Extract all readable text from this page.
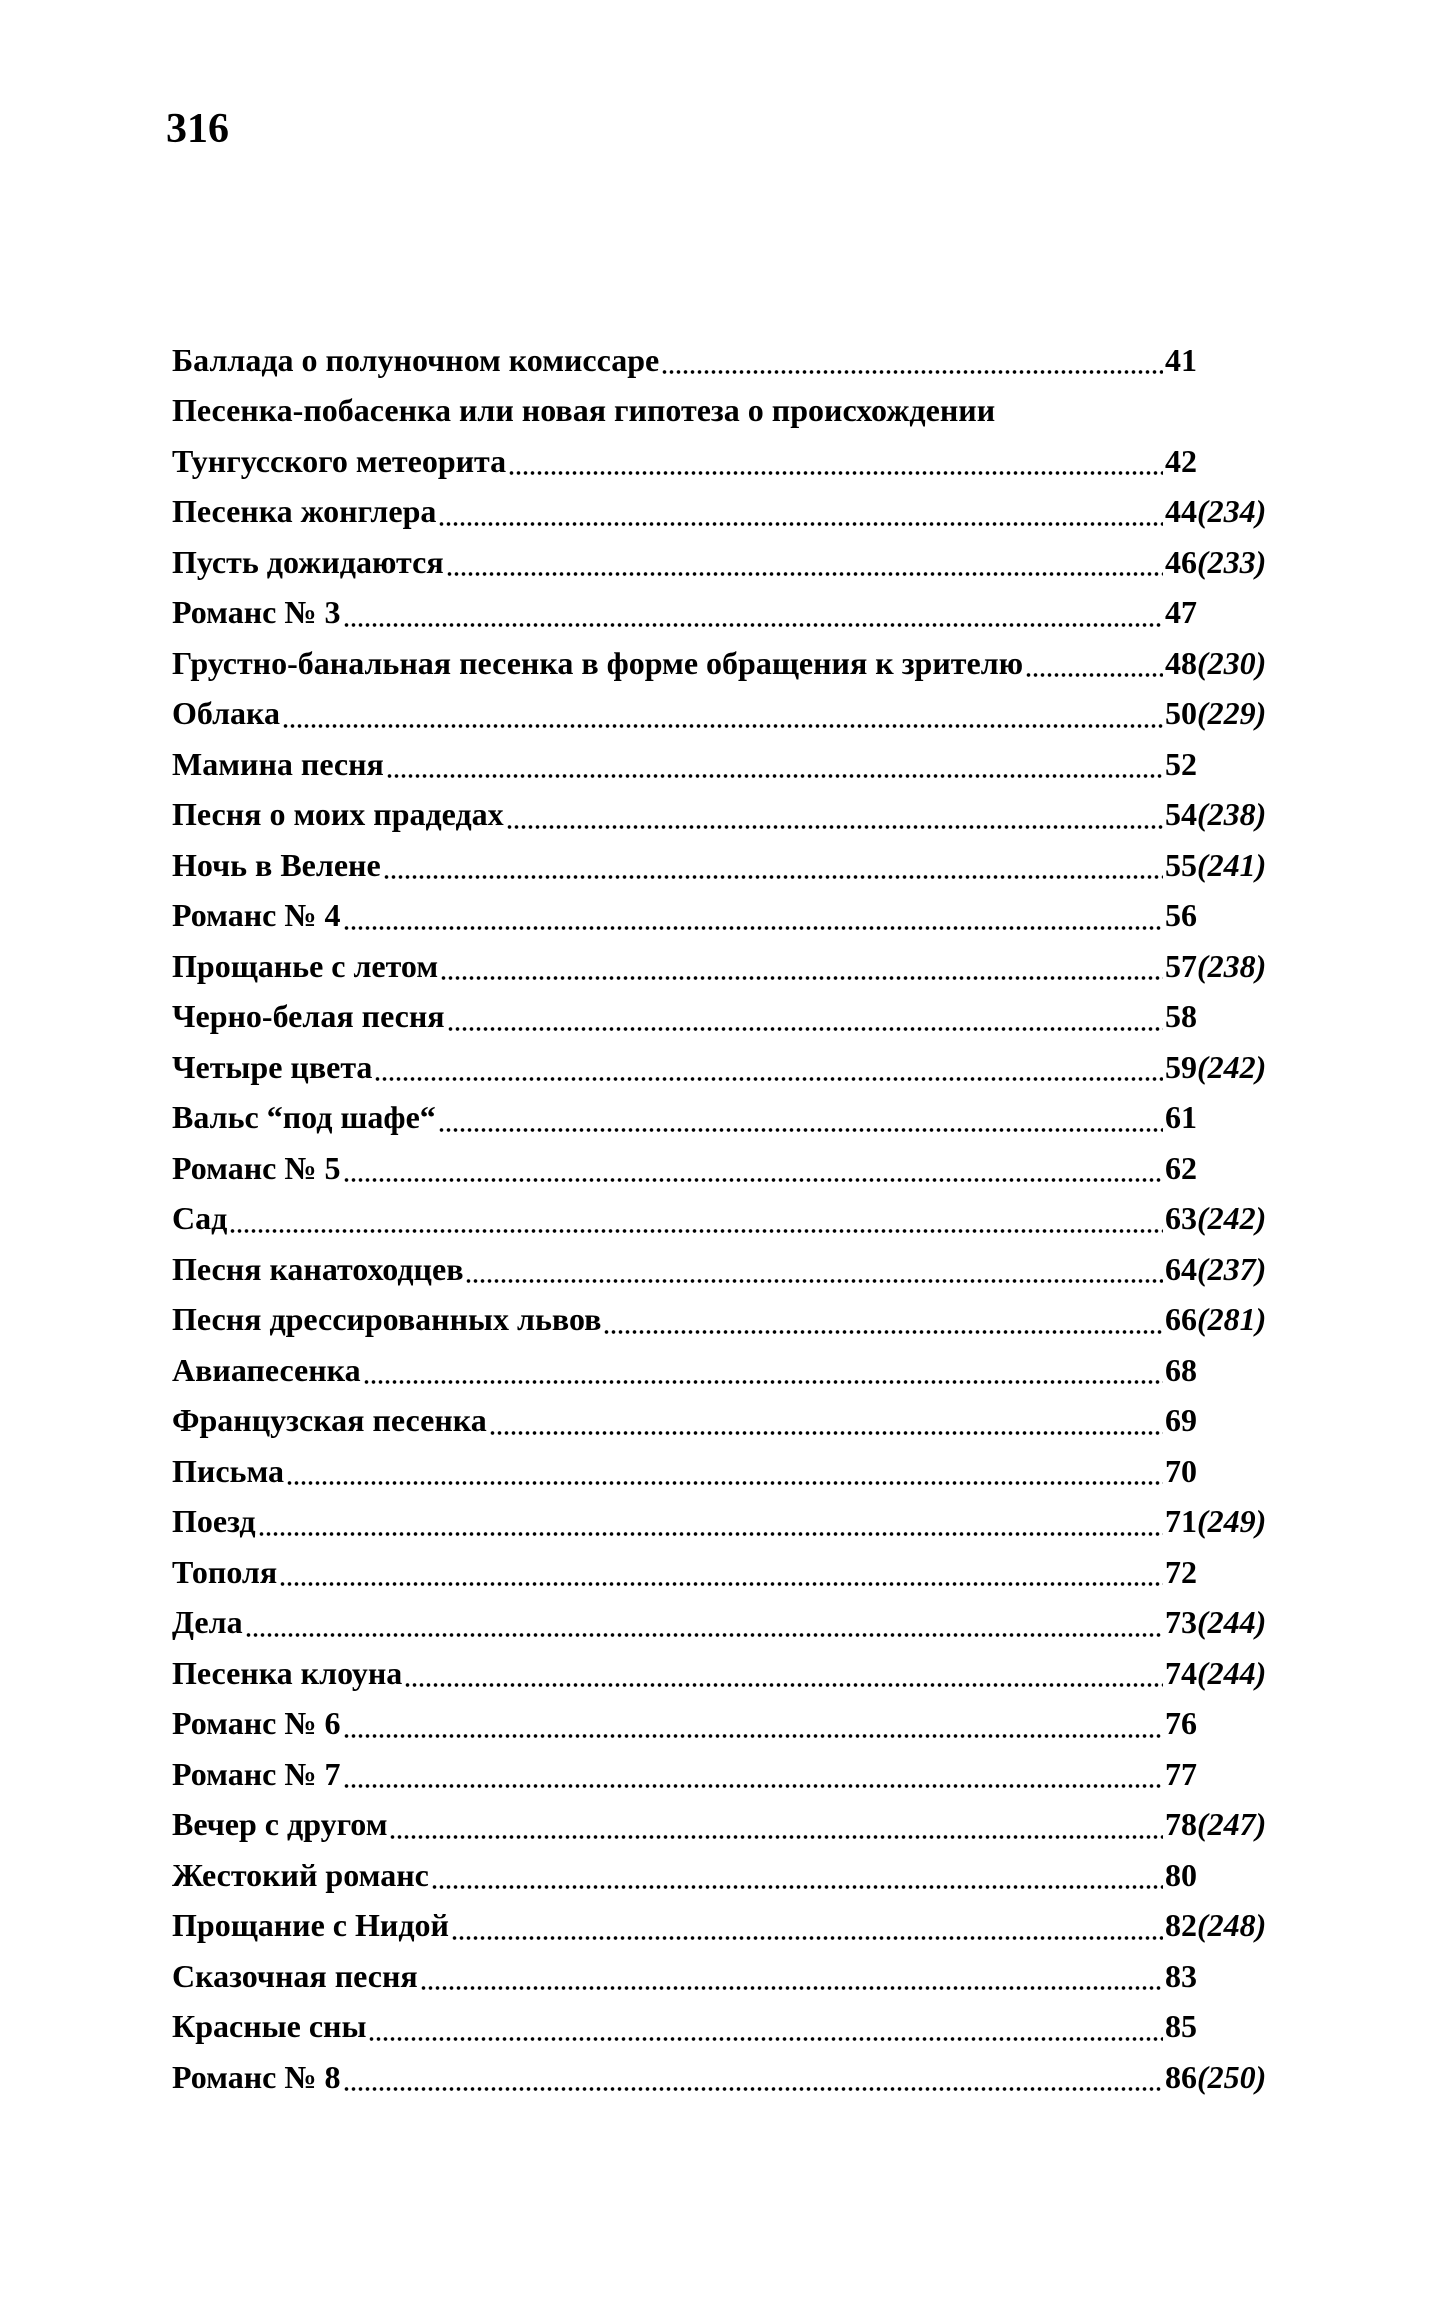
316
Баллада о полуночном комиссаре	41
Песенка-побасенка или новая гипотеза о происхождении
Тунгусского метеорита	42
Песенка жонглера	44(234)
Пусть дожидаются	46(233)
Романс № 3	47
Грустно-банальная песенка в форме обращения к зрителю	48(230)
Облака	50(229)
Мамина песня	52
Песня о моих прадедах	54(238)
Ночь в Велене	55(241)
Романс № 4	56
Прощанье с летом	57(238)
Черно-белая песня	58
Четыре цвета	59(242)
Вальс “под шафе“	61
Романс № 5	62
Сад	63(242)
Песня канатоходцев	64(237)
Песня дрессированных львов	66(281)
Авиапесенка	68
Французская песенка	69
Письма	70
Поезд	71(249)
Тополя	72
Дела	73(244)
Песенка клоуна	74(244)
Романс № 6	76
Романс № 7	77
Вечер с другом	78(247)
Жестокий романс	80
Прощание с Нидой	82(248)
Сказочная песня	83
Красные сны	85
Романс № 8	86(250)
